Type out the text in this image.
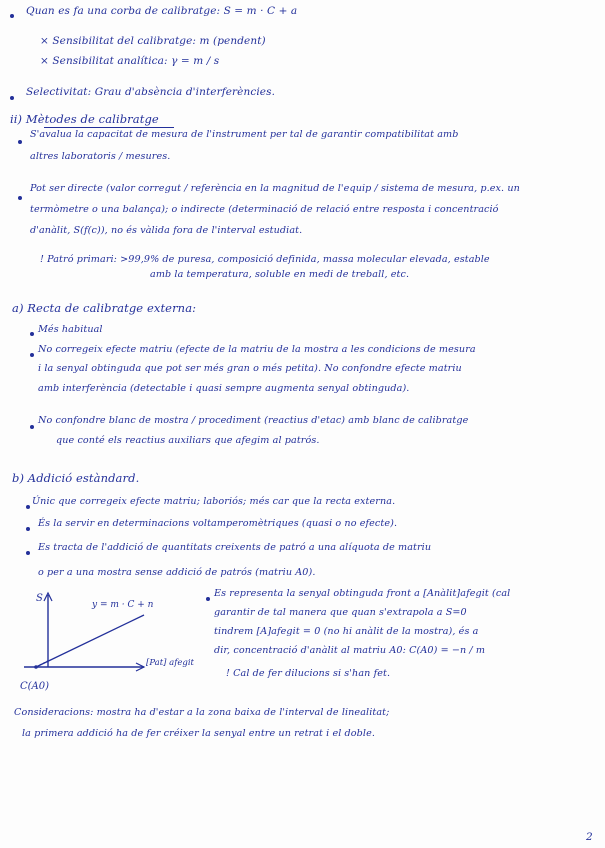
Quan es fa una corba de calibratge: S = m · C + a
× Sensibilitat del calibratge: m (pendent)
× Sensibilitat analítica: γ = m / s
Selectivitat: Grau d'absència d'interferències.
ii) Mètodes de calibratge
S'avalua la capacitat de mesura de l'instrument per tal de garantir compatibilitat amb
altres laboratoris / mesures.
Pot ser directe (valor corregut / referència en la magnitud de l'equip / sistema de mesura, p.ex. un
termòmetre o una balança); o indirecte (determinació de relació entre resposta i concentració
d'anàlit, S(f(c)), no és vàlida fora de l'interval estudiat.
! Patró primari: >99,9% de puresa, composició definida, massa molecular elevada, estable
amb la temperatura, soluble en medi de treball, etc.
a) Recta de calibratge externa:
Més habitual
No corregeix efecte matriu (efecte de la matriu de la mostra a les condicions de mesura
i la senyal obtinguda que pot ser més gran o més petita). No confondre efecte matriu
amb interferència (detectable i quasi sempre augmenta senyal obtinguda).
No confondre blanc de mostra / procediment (reactius d'etac) amb blanc de calibratge
que conté els reactius auxiliars que afegim al patrós.
b) Addició estàndard.
Únic que corregeix efecte matriu; laboriós; més car que la recta externa.
És la servir en determinacions voltamperomètriques (quasi o no efecte).
Es tracta de l'addició de quantitats creixents de patró a una alíquota de matriu
o per a una mostra sense addició de patrós (matriu A0).
S
y = m · C + n
[Pat] afegit
C(A0)
Es representa la senyal obtinguda front a [Anàlit]afegit (cal
garantir de tal manera que quan s'extrapola a S=0
tindrem [A]afegit = 0 (no hi anàlit de la mostra), és a
dir, concentració d'anàlit al matriu A0: C(A0) = −n / m
! Cal de fer dilucions si s'han fet.
Consideracions: mostra ha d'estar a la zona baixa de l'interval de linealitat;
la primera addició ha de fer créixer la senyal entre un retrat i el doble.
2
